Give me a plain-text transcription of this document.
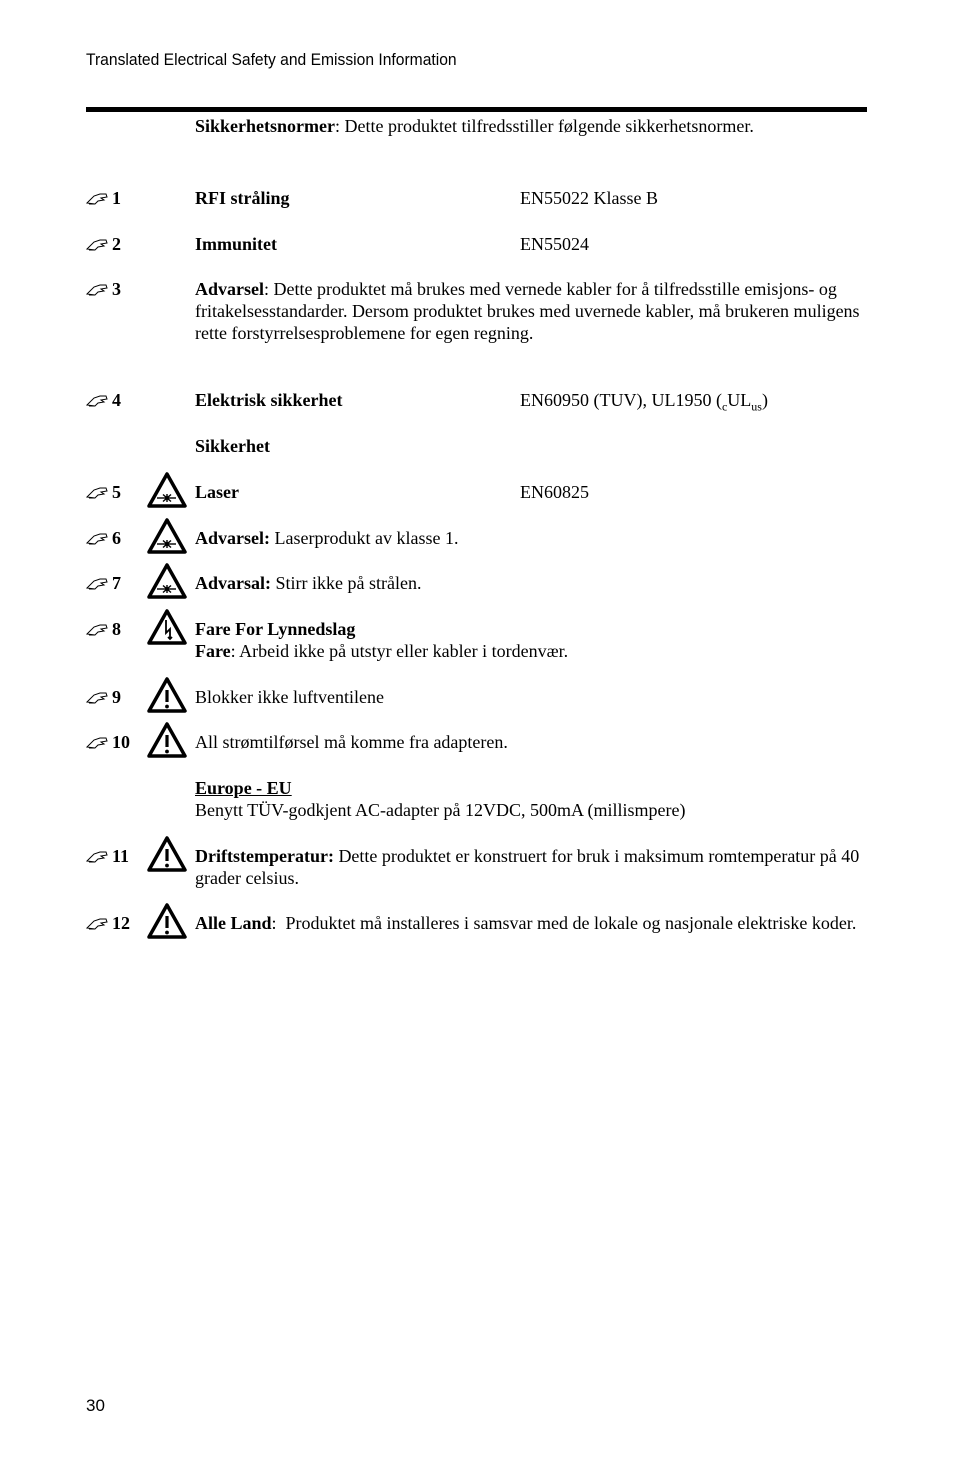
Translated Electrical Safety and Emission Information
Sikkerhetsnormer: Dette produktet tilfredsstiller følgende sikkerhetsnormer.
1	RFI stråling	EN55022 Klasse B
2	Immunitet	EN55024
3	Advarsel: Dette produktet må brukes med vernede kabler for å tilfredsstille emisjons- og fritakelsesstandarder. Dersom produktet brukes med uvernede kabler, må brukeren muligens rette forstyrrelsesproblemene for egen regning.
4	Elektrisk sikkerhet	EN60950 (TUV), UL1950 $(_cUL_{us})$
Sikkerhet
5	Laser	EN60825
6	Advarsel: Laserprodukt av klasse 1.
7	Advarsal: Stirr ikke på strålen.
8	Fare For Lynnedslag
Fare: Arbeid ikke på utstyr eller kabler i tordenvær.
9	Blokker ikke luftventilene
10	All strømtilførsel må komme fra adapteren.
Europe - EU
Benytt TÜV-godkjent AC-adapter på 12VDC, 500mA (millismpere)
11	Driftstemperatur: Dette produktet er konstruert for bruk i maksimum romtemperatur på 40 grader celsius.
12	Alle Land:  Produktet må installeres i samsvar med de lokale og nasjonale elektriske koder.
30
